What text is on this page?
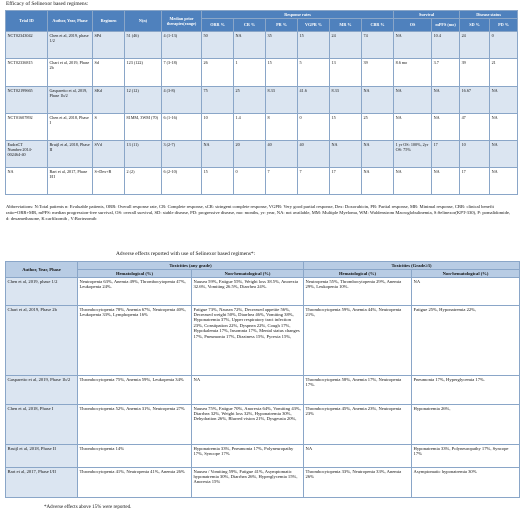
Efficacy of Selinexor based regimens:
Trial ID	Author, Year, Phase	Regimen	N(n)	Median prior therapies(range)	Response rates						Survival		Disease status	
					ORR %	CR %	PR %	VGPR %	MR %	CBR %	OS	mPFS (mo)	SD %	PD %
NCT02343042	Chen et al, 2019, phase 1/2	SPd	51 (46)	4 (1-13)	50	NA	35	15	24	74	NA	10.4	24	0
NCT02336815	Chari et al, 2019, Phase 2b	Sd	123 (122)	7 (3-18)	26	1	15	5	13	39	8.6 mo	3.7	39	21
NCT02199665	Gasparetto et al, 2019, Phase 1b/2	SKd	12 (12)	4 (3-8)	75	25	8.33	41.6	8.33	NA	NA	NA	16.67	NA
NCT01607892	Chen et al, 2018, Phase I	S	81MM, 3WM (70)	6 (1-16)	10	1.4	8	0	15	25	NA	NA	47	NA
EudraCT Number:2014-002464-40	Bruijl et al, 2018, Phase II	SVd	13 (11)	3 (2-7)	NA	20	40	40	NA	NA	1 yr OS: 100%, 2yr OS: 75%	17	10	NA
NA	Bart et al, 2017, Phase I/II	S+Dex+B	2 (2)	6 (2-10)	15	0	7	7	17	NA	NA	NA	17	NA
Abbreviations: N:Total patients n: Evaluable patients, ORR: Overall response rate, CR: Complete response, sCR: stringent complete response, VGPR: Very good partial response, Dex: Doxorubicin, PR: Partial response, MR: Minimal response, CBR: clinical benefit ratio=ORR+MR, mPFS: median progression-free survival, OS: overall survival, SD: stable disease, PD: progressive disease, mo: months, yr: year, NA: not available, MM: Multiple Myeloma, WM: Waldenstrom Macroglobulinemia, S:Selinexor(KPT-330), P: pomalidomide, d: dexamethasone, K:carfilzomib , V:Bortezomib
Adverse effects reported with use of Selinexor based regimens*:
Author, Year, Phase	Toxicities (any grade)		Toxicities (Grade≥3)	
	Hematological (%)	Non-hematological (%)	Hematological (%)	Non-hematological (%)
Chen et al, 2019, phase 1/2	Neutropenia 63%, Anemia 49%, Thrombocytopenia 47%, Leukopenia 24%.	Nausea 59%, Fatigue 55%, Weight loss 38.5%, Anorexia 32.6%, Vomiting 26.5%, Diarrhea 24%.	Neutropenia 55%, Thrombocytopenia 29%, Anemia 29%, Leukopenia 10%.	NA
Chari et al, 2019, Phase 2b	Thrombocytopenia 78%, Anemia 67%, Neutropenia 40%, Leukopenia 33%, Lymphopenia 16%	Fatigue 73%, Nausea 72%, Decreased appetite 56%, Decreased weight 50%, Diarrhea 46%, Vomiting 38%, Hyponatremia 37%, Upper respiratory tract infection 23%, Constipation 22%, Dyspnea 22%, Cough 17%, Hypokalemia 17%, Insomnia 17%, Mental status changes 17%, Pneumonia 17%, Dizziness 15%, Pyrexia 15%,	Thrombocytopenia 59%, Anemia 44%, Neutropenia 21%,	Fatigue 25%, Hyponatremia 22%,
Gasparetto et al, 2019, Phase 1b/2	Thrombocytopenia 75%, Anemia 59%, Leukopenia 34%	NA	Thrombocytopenia 58%, Anemia 17%, Neutropenia 17%.	Pneumonia 17%, Hyperglycemia 17%.
Chen et al, 2018, Phase I	Thrombocytopenia 52%, Anemia 31%, Neutropenia 27%	Nausea 75%, Fatigue 70%, Anorexia 64%, Vomiting 43%, Diarrhea 32%, Weight loss 32%, Hyponatremia 30%, Dehydration 26%, Blurred vision 21%, Dysgeusia 20%,	Thrombocytopenia 45%, Anemia 23%, Neutropenia 23%	Hyponatremia 26%,
Bruijl et al, 2018, Phase II	Thrombocytopenia 14%	Hyponatremia 33%, Pneumonia 17%, Polyneuropathy 17%, Syncope 17%	NA	Hyponatremia 33%, Polyneuropathy 17%, Syncope 17%
Bart et al, 2017, Phase I/II	Thrombocytopenia 41%, Neutropenia 41%, Anemia 26%	Nausea / Vomiting 59%, Fatigue 41%, Asymptomatic hyponatremia 30%, Diarrhea 26%, Hyperglycemia 15%, Anorexia 15%	Thrombocytopenia 33%, Neutropenia 33%, Anemia 26%	Asymptomatic hyponatremia 30%
*Adverse effects above 15% were reported.
